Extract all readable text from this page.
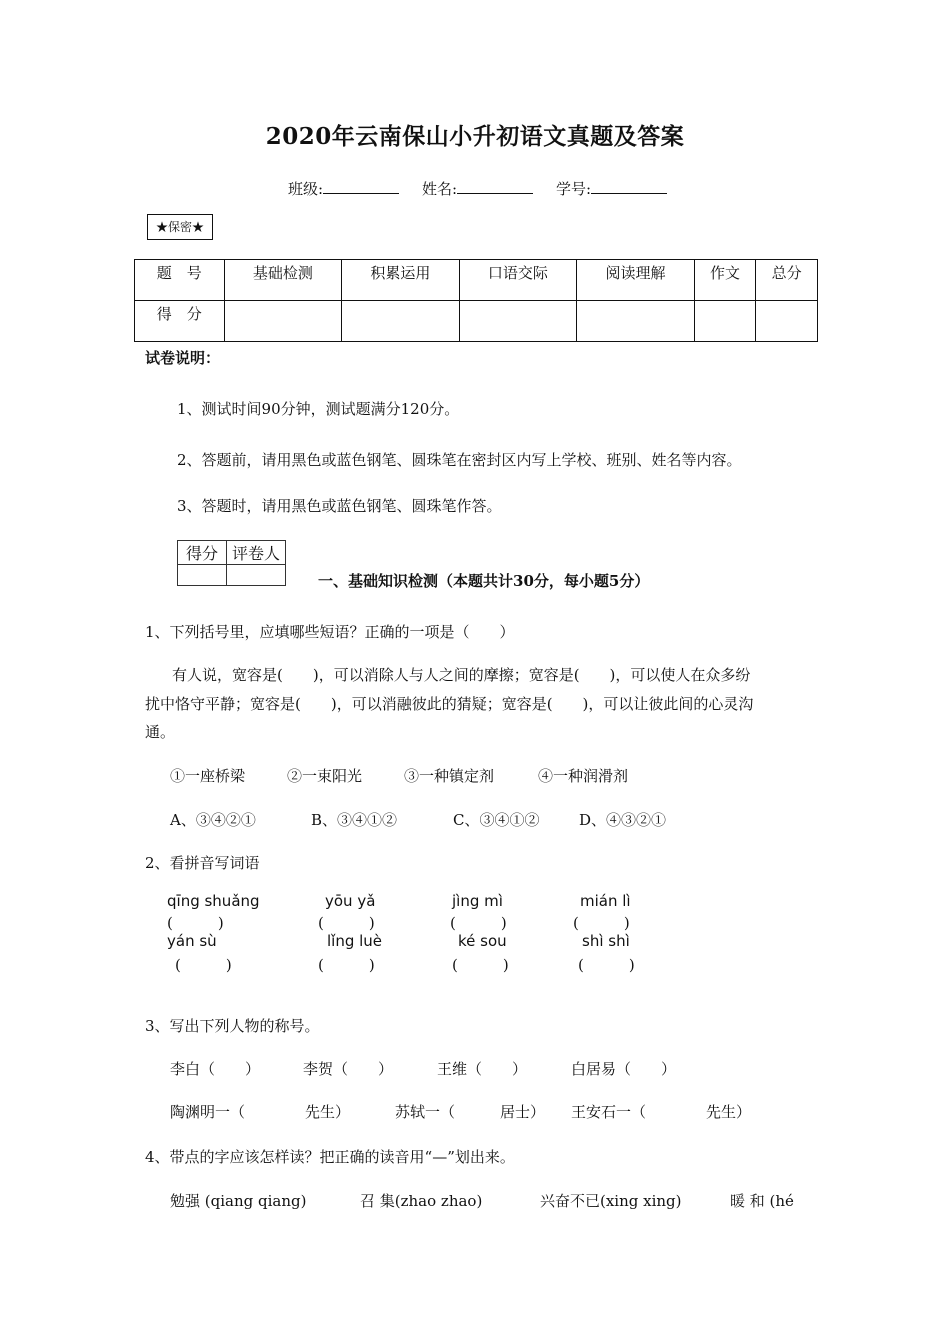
2020年云南保山小升初语文真题及答案
班级:	姓名:	学号:
★保密★
题　号	基础检测	积累运用	口语交际	阅读理解	作文	总分
得　分						
试卷说明：
1、测试时间90分钟，测试题满分120分。
2、答题前，请用黑色或蓝色钢笔、圆珠笔在密封区内写上学校、班别、姓名等内容。
3、答题时，请用黑色或蓝色钢笔、圆珠笔作答。
得分	评卷人

一、基础知识检测（本题共计30分，每小题5分）
1、下列括号里，应填哪些短语？正确的一项是（　　）
有人说，宽容是(　　)，可以消除人与人之间的摩擦；宽容是(　　)，可以使人在众多纷
扰中恪守平静；宽容是(　　)，可以消融彼此的猜疑；宽容是(　　)，可以让彼此间的心灵沟
通。
①一座桥梁	②一束阳光	③一种镇定剂	④一种润滑剂
A、③④②①	B、③④①②	C、③④①②	D、④③②①
2、看拼音写词语
qīng shuǎng	yōu yǎ	jìng mì	mián lì
(　　　)	(　　　)	(　　　)	(　　　)
yán sù	lǐng luè	ké sou	shì shì
(　　　)	(　　　)	(　　　)	(　　　)
3、写出下列人物的称号。
李白（　　）	李贺（　　）	王维（　　）	白居易（　　）
陶渊明一（　　　　先生）	苏轼一（　　　居士） 王安石一（　　　　先生）
4、带点的字应该怎样读？把正确的读音用“—”划出来。
勉强 (qiang qiang)	召 集(zhao zhao)	兴奋不已(xing xing)	暖 和 (hé
